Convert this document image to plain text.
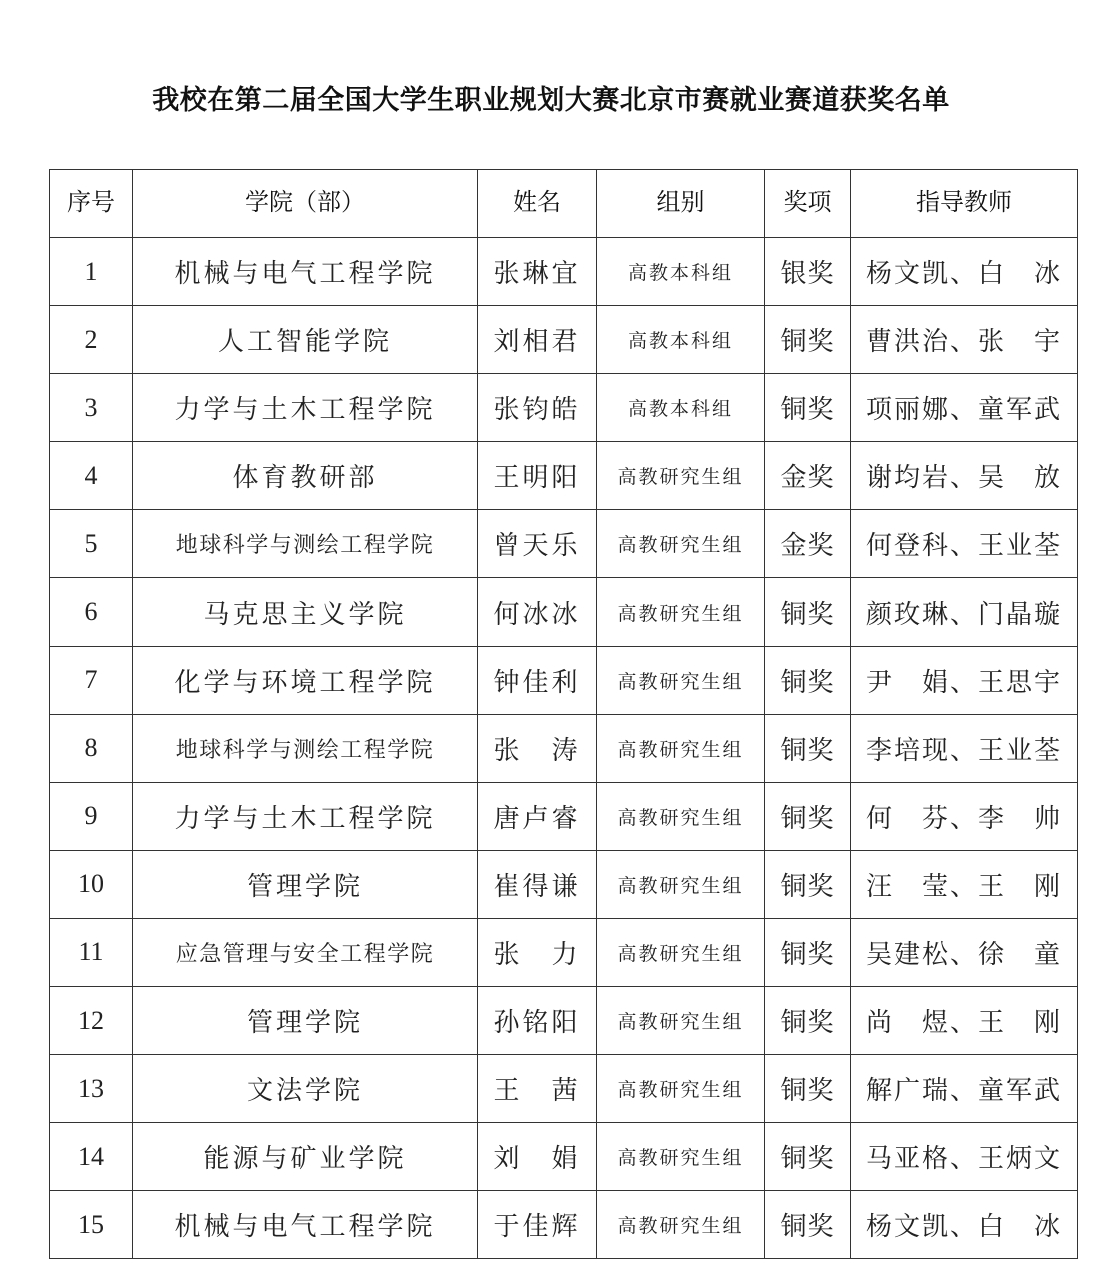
我校在第二届全国大学生职业规划大赛北京市赛就业赛道获奖名单
序号	学院（部）	姓名	组别	奖项	指导教师
1	机械与电气工程学院	张琳宜	高教本科组	银奖	杨文凯、白　冰
2	人工智能学院	刘相君	高教本科组	铜奖	曹洪治、张　宇
3	力学与土木工程学院	张钧皓	高教本科组	铜奖	项丽娜、童军武
4	体育教研部	王明阳	高教研究生组	金奖	谢均岩、吴　放
5	地球科学与测绘工程学院	曾天乐	高教研究生组	金奖	何登科、王业荃
6	马克思主义学院	何冰冰	高教研究生组	铜奖	颜玫琳、门晶璇
7	化学与环境工程学院	钟佳利	高教研究生组	铜奖	尹　娟、王思宇
8	地球科学与测绘工程学院	张　涛	高教研究生组	铜奖	李培现、王业荃
9	力学与土木工程学院	唐卢睿	高教研究生组	铜奖	何　芬、李　帅
10	管理学院	崔得谦	高教研究生组	铜奖	汪　莹、王　刚
11	应急管理与安全工程学院	张　力	高教研究生组	铜奖	吴建松、徐　童
12	管理学院	孙铭阳	高教研究生组	铜奖	尚　煜、王　刚
13	文法学院	王　茜	高教研究生组	铜奖	解广瑞、童军武
14	能源与矿业学院	刘　娟	高教研究生组	铜奖	马亚格、王炳文
15	机械与电气工程学院	于佳辉	高教研究生组	铜奖	杨文凯、白　冰
